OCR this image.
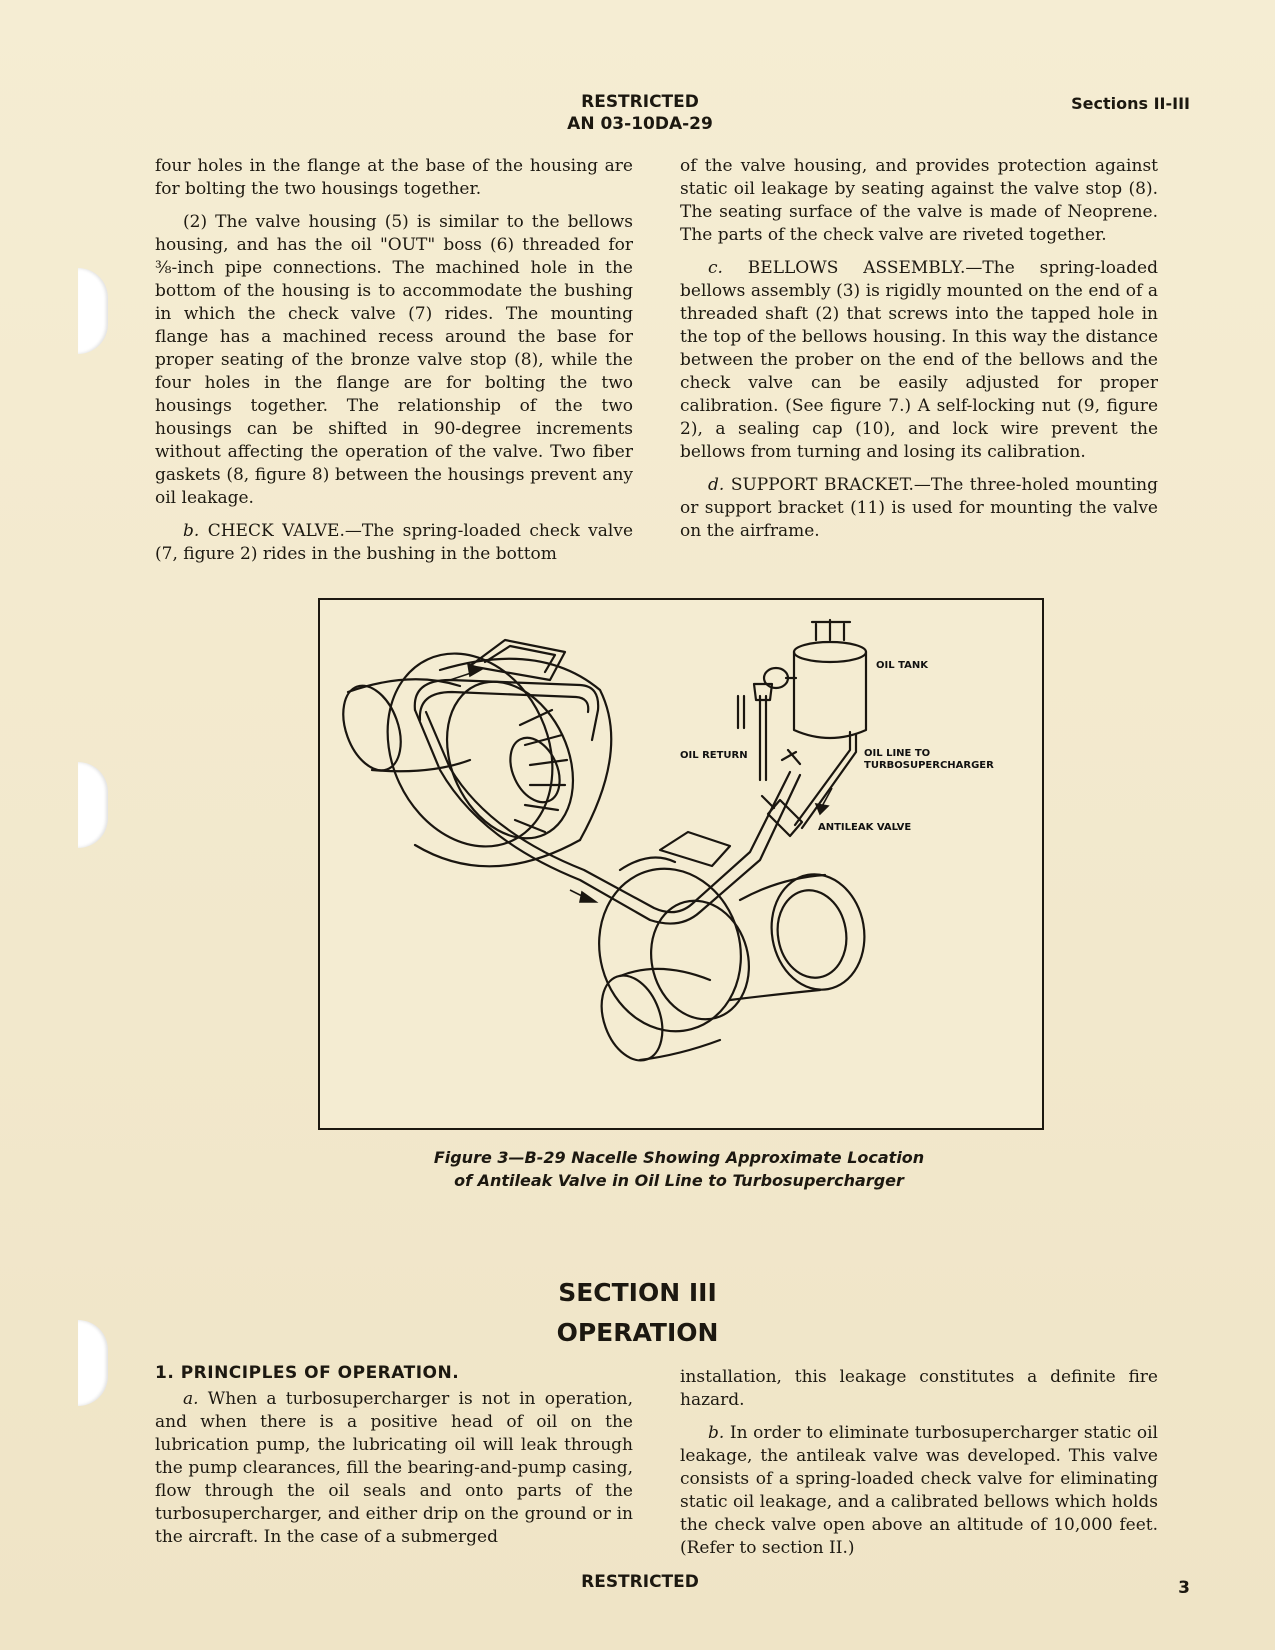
RESTRICTED
AN 03-10DA-29
Sections II-III

four holes in the flange at the base of the housing are for bolting the two housings together.

(2) The valve housing (5) is similar to the bellows housing, and has the oil "OUT" boss (6) threaded for ⅜-inch pipe connections. The machined hole in the bottom of the housing is to accommodate the bushing in which the check valve (7) rides. The mounting flange has a machined recess around the base for proper seating of the bronze valve stop (8), while the four holes in the flange are for bolting the two housings together. The relationship of the two housings can be shifted in 90-degree increments without affecting the operation of the valve. Two fiber gaskets (8, figure 8) between the housings prevent any oil leakage.

b. CHECK VALVE.—The spring-loaded check valve (7, figure 2) rides in the bushing in the bottom

of the valve housing, and provides protection against static oil leakage by seating against the valve stop (8). The seating surface of the valve is made of Neoprene. The parts of the check valve are riveted together.

c. BELLOWS ASSEMBLY.—The spring-loaded bellows assembly (3) is rigidly mounted on the end of a threaded shaft (2) that screws into the tapped hole in the top of the bellows housing. In this way the distance between the prober on the end of the bellows and the check valve can be easily adjusted for proper calibration. (See figure 7.) A self-locking nut (9, figure 2), a sealing cap (10), and lock wire prevent the bellows from turning and losing its calibration.

d. SUPPORT BRACKET.—The three-holed mounting or support bracket (11) is used for mounting the valve on the airframe.

OIL TANK
OIL RETURN	OIL LINE TO
TURBOSUPERCHARGER
ANTILEAK VALVE
Figure 3—B-29 Nacelle Showing Approximate Location
of Antileak Valve in Oil Line to Turbosupercharger
SECTION III
OPERATION
1. PRINCIPLES OF OPERATION.

a. When a turbosupercharger is not in operation, and when there is a positive head of oil on the lubrication pump, the lubricating oil will leak through the pump clearances, fill the bearing-and-pump casing, flow through the oil seals and onto parts of the turbosupercharger, and either drip on the ground or in the aircraft. In the case of a submerged

installation, this leakage constitutes a definite fire hazard.

b. In order to eliminate turbosupercharger static oil leakage, the antileak valve was developed. This valve consists of a spring-loaded check valve for eliminating static oil leakage, and a calibrated bellows which holds the check valve open above an altitude of 10,000 feet. (Refer to section II.)

RESTRICTED	3
